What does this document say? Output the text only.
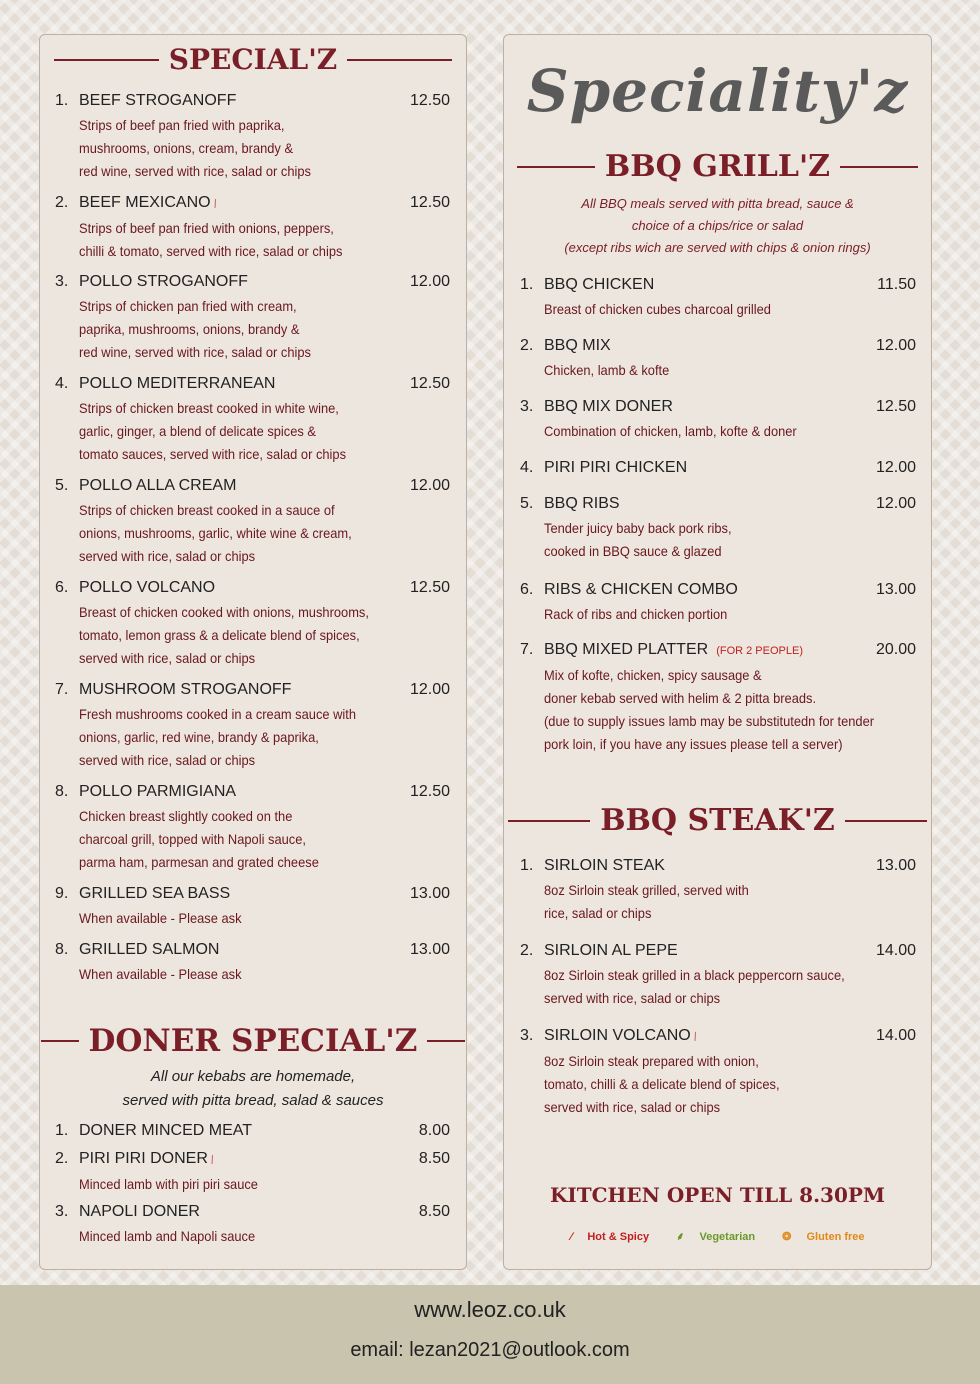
SPECIAL'Z
1. BEEF STROGANOFF	12.50
Strips of beef pan fried with paprika,
mushrooms, onions, cream, brandy &
red wine, served with rice, salad or chips
2. BEEF MEXICANO∕	12.50
Strips of beef pan fried with onions, peppers,
chilli & tomato, served with rice, salad or chips
3. POLLO STROGANOFF	12.00
Strips of chicken pan fried with cream,
paprika, mushrooms, onions, brandy &
red wine, served with rice, salad or chips
4. POLLO MEDITERRANEAN	12.50
Strips of chicken breast cooked in white wine,
garlic, ginger, a blend of delicate spices &
tomato sauces, served with rice, salad or chips
5. POLLO ALLA CREAM	12.00
Strips of chicken breast cooked in a sauce of
onions, mushrooms, garlic, white wine & cream,
served with rice, salad or chips
6. POLLO VOLCANO	12.50
Breast of chicken cooked with onions, mushrooms,
tomato, lemon grass & a delicate blend of spices,
served with rice, salad or chips
7. MUSHROOM STROGANOFF	12.00
Fresh mushrooms cooked in a cream sauce with
onions, garlic, red wine, brandy & paprika,
served with rice, salad or chips
8. POLLO PARMIGIANA	12.50
Chicken breast slightly cooked on the
charcoal grill, topped with Napoli sauce,
parma ham, parmesan and grated cheese
9. GRILLED SEA BASS	13.00
When available - Please ask
8. GRILLED SALMON	13.00
When available - Please ask
DONER SPECIAL'Z
All our kebabs are homemade,
served with pitta bread, salad & sauces
1. DONER MINCED MEAT	8.00
2. PIRI PIRI DONER∕	8.50
Minced lamb with piri piri sauce
3. NAPOLI DONER	8.50
Minced lamb and Napoli sauce
Speciality'z
BBQ GRILL'Z
All BBQ meals served with pitta bread, sauce &
choice of a chips/rice or salad
(except ribs wich are served with chips & onion rings)
1. BBQ CHICKEN	11.50
Breast of chicken cubes charcoal grilled
2. BBQ MIX	12.00
Chicken, lamb & kofte
3. BBQ MIX DONER	12.50
Combination of chicken, lamb, kofte & doner
4. PIRI PIRI CHICKEN	12.00
5. BBQ RIBS	12.00
Tender juicy baby back pork ribs,
cooked in BBQ sauce & glazed
6. RIBS & CHICKEN COMBO	13.00
Rack of ribs and chicken portion
7. BBQ MIXED PLATTER (FOR 2 PEOPLE)	20.00
Mix of kofte, chicken, spicy sausage &
doner kebab served with helim & 2 pitta breads.
(due to supply issues lamb may be substitutedn for tender
pork loin, if you have any issues please tell a server)
BBQ STEAK'Z
1. SIRLOIN STEAK	13.00
8oz Sirloin steak grilled, served with
rice, salad or chips
2. SIRLOIN AL PEPE	14.00
8oz Sirloin steak grilled in a black peppercorn sauce,
served with rice, salad or chips
3. SIRLOIN VOLCANO∕	14.00
8oz Sirloin steak prepared with onion,
tomato, chilli & a delicate blend of spices,
served with rice, salad or chips
KITCHEN OPEN TILL 8.30PM
∕ Hot & Spicy ⸙ Vegetarian ❂ Gluten free
www.leoz.co.uk
email: lezan2021@outlook.com
